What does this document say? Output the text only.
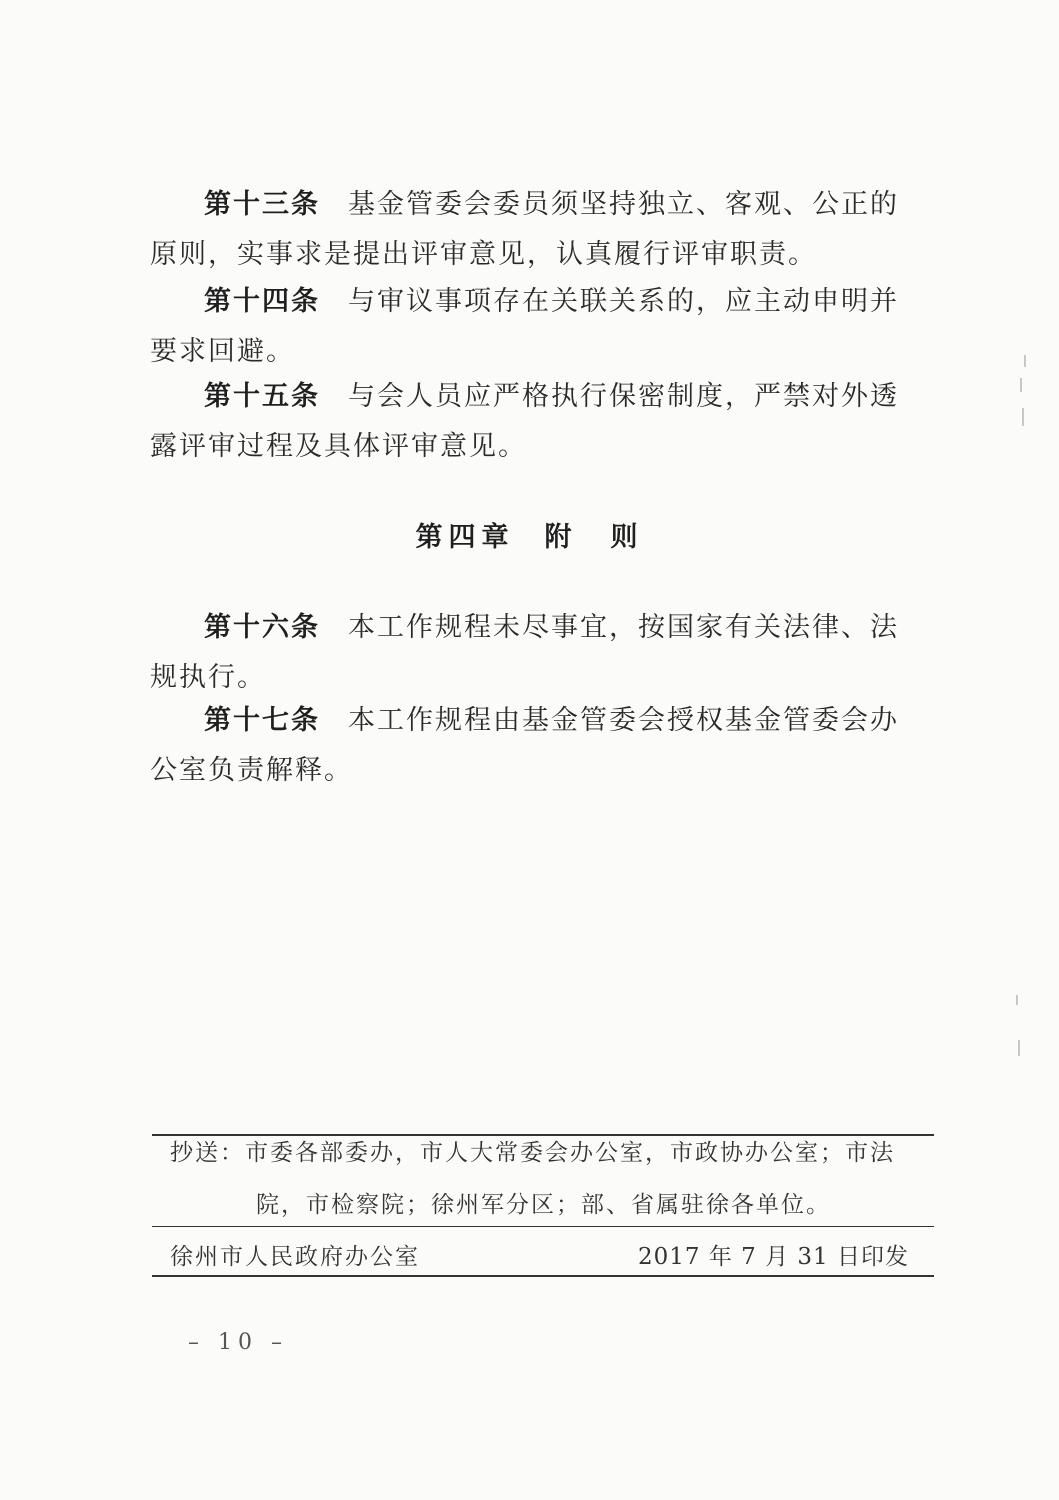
第十三条 基金管委会委员须坚持独立、客观、公正的原则，实事求是提出评审意见，认真履行评审职责。
第十四条 与审议事项存在关联关系的，应主动申明并要求回避。
第十五条 与会人员应严格执行保密制度，严禁对外透露评审过程及具体评审意见。
第四章 附　则
第十六条 本工作规程未尽事宜，按国家有关法律、法规执行。
第十七条 本工作规程由基金管委会授权基金管委会办公室负责解释。
抄送：市委各部委办，市人大常委会办公室，市政协办公室；市法
院，市检察院；徐州军分区；部、省属驻徐各单位。
徐州市人民政府办公室	2017 年 7 月 31 日印发
– 10 –
